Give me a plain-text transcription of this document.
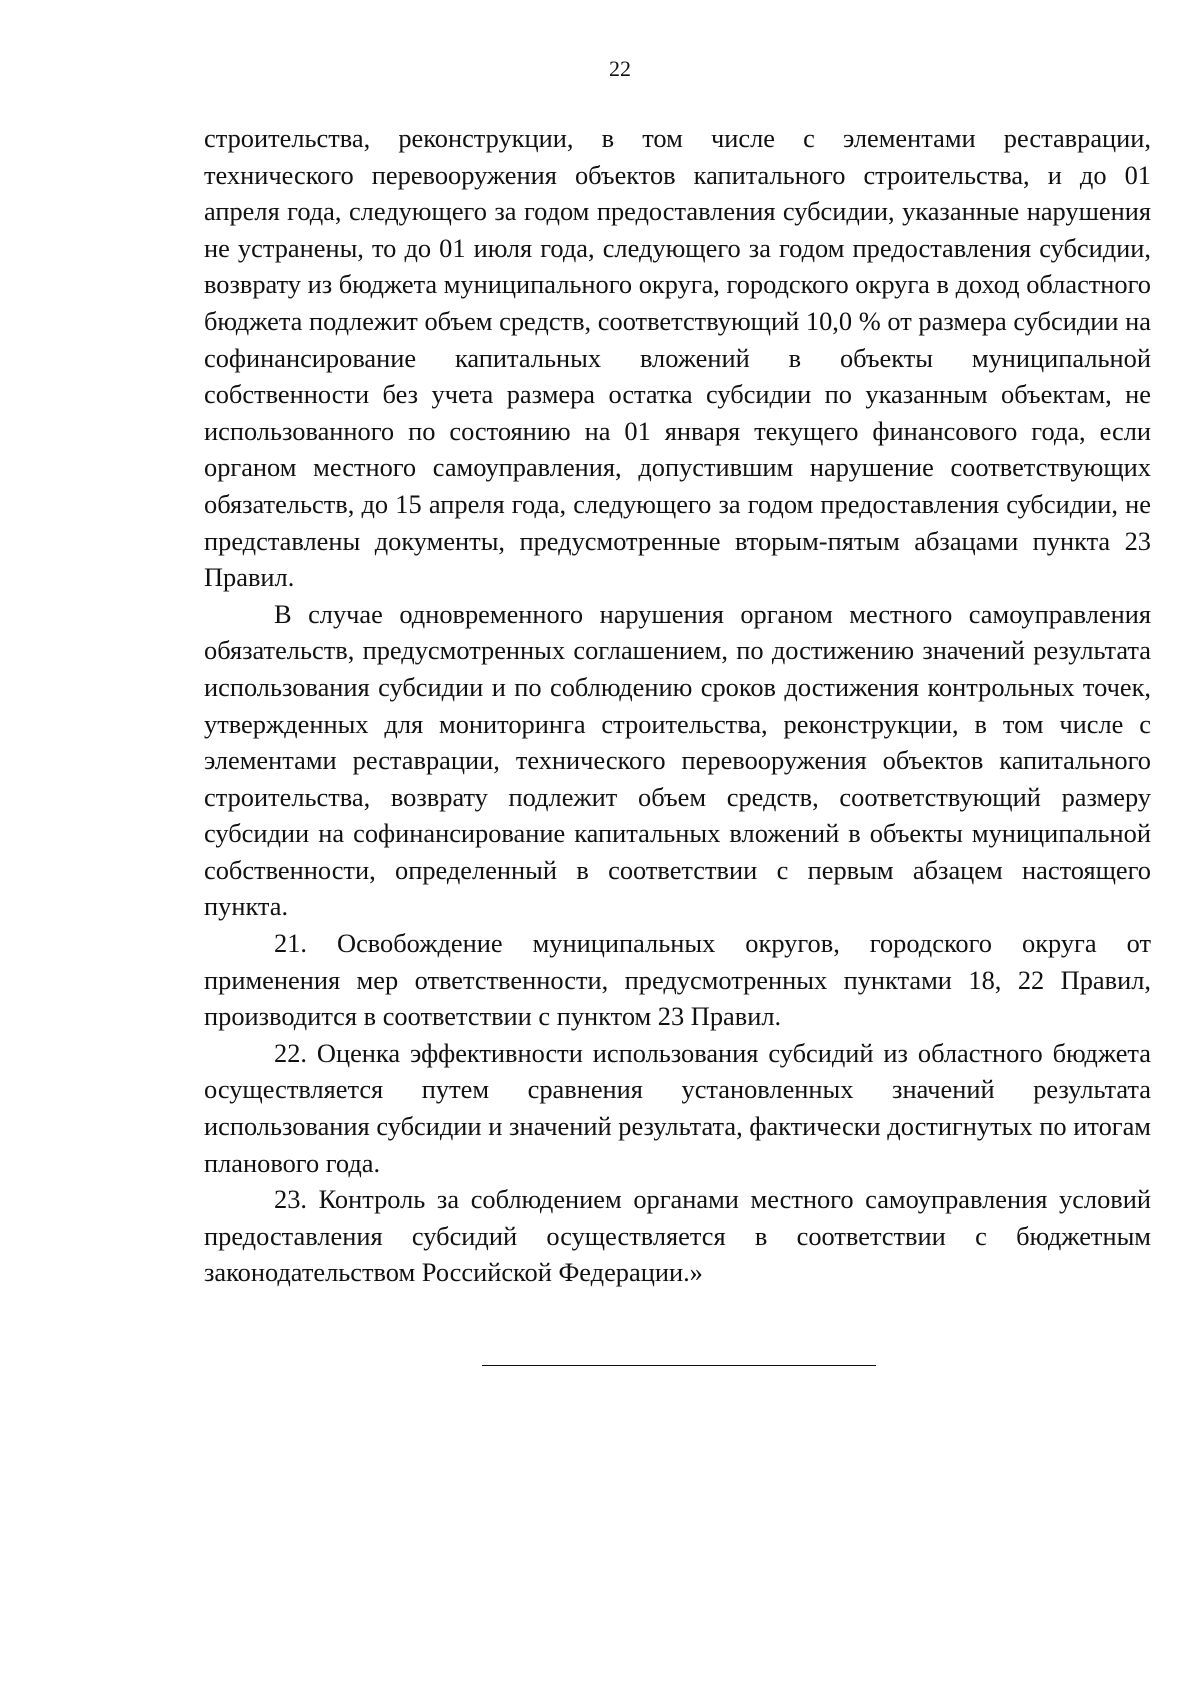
22

строительства, реконструкции, в том числе с элементами реставрации, технического перевооружения объектов капитального строительства, и до 01 апреля года, следующего за годом предоставления субсидии, указанные нарушения не устранены, то до 01 июля года, следующего за годом предоставления субсидии, возврату из бюджета муниципального округа, городского округа в доход областного бюджета подлежит объем средств, соответствующий 10,0 % от размера субсидии на софинансирование капитальных вложений в объекты муниципальной собственности без учета размера остатка субсидии по указанным объектам, не использованного по состоянию на 01 января текущего финансового года, если органом местного самоуправления, допустившим нарушение соответствующих обязательств, до 15 апреля года, следующего за годом предоставления субсидии, не представлены документы, предусмотренные вторым-пятым абзацами пункта 23 Правил.

В случае одновременного нарушения органом местного самоуправления обязательств, предусмотренных соглашением, по достижению значений результата использования субсидии и по соблюдению сроков достижения контрольных точек, утвержденных для мониторинга строительства, реконструкции, в том числе с элементами реставрации, технического перевооружения объектов капитального строительства, возврату подлежит объем средств, соответствующий размеру субсидии на софинансирование капитальных вложений в объекты муниципальной собственности, определенный в соответствии с первым абзацем настоящего пункта.

21. Освобождение муниципальных округов, городского округа от применения мер ответственности, предусмотренных пунктами 18, 22 Правил, производится в соответствии с пунктом 23 Правил.

22. Оценка эффективности использования субсидий из областного бюджета осуществляется путем сравнения установленных значений результата использования субсидии и значений результата, фактически достигнутых по итогам планового года.

23. Контроль за соблюдением органами местного самоуправления условий предоставления субсидий осуществляется в соответствии с бюджетным законодательством Российской Федерации.»
